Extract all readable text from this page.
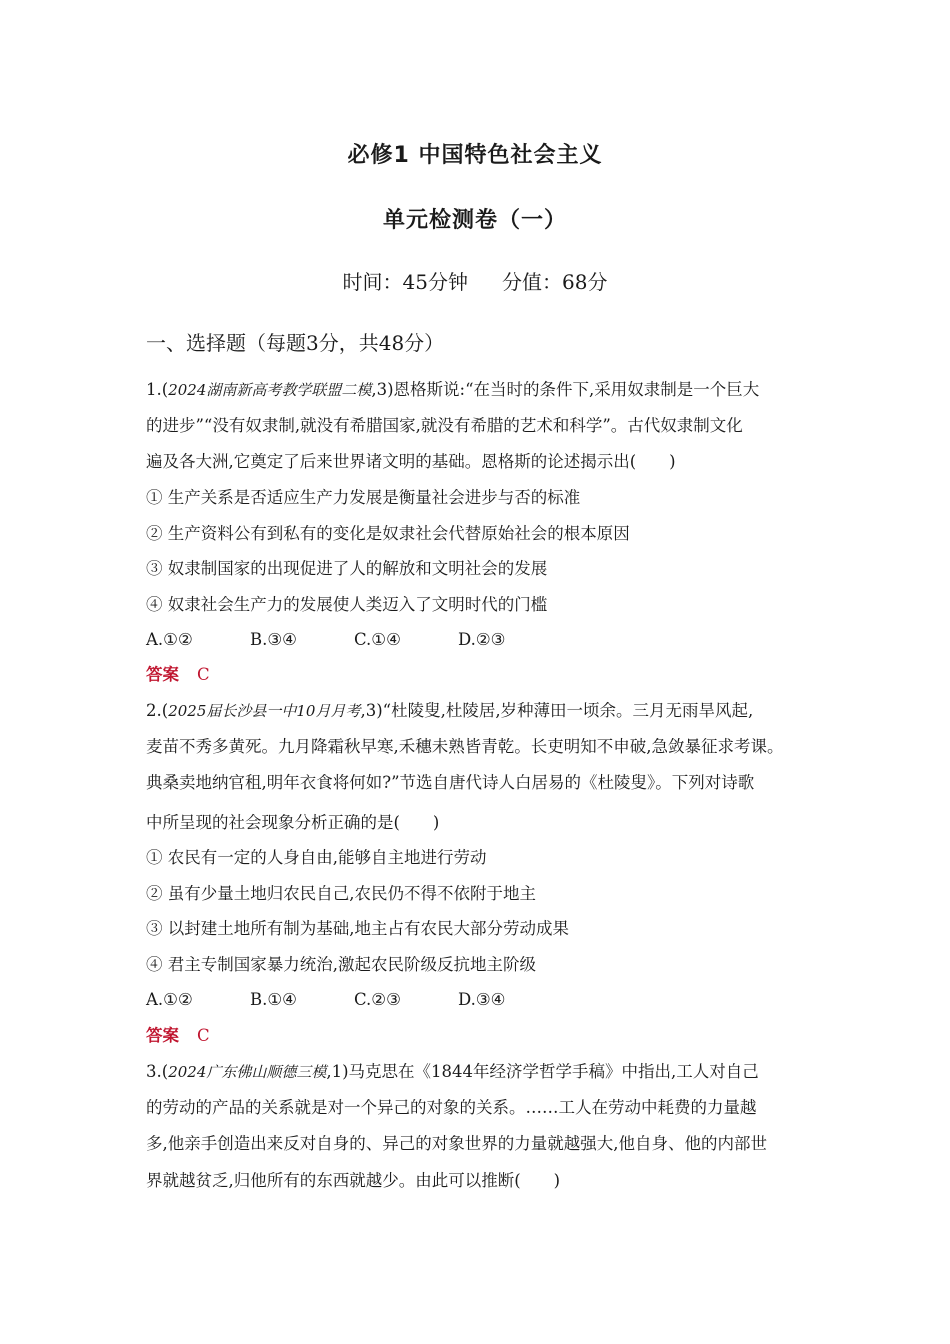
必修1 中国特色社会主义
单元检测卷（一）
时间：45分钟 分值：68分
一、选择题（每题3分，共48分）
1.(2024湖南新高考教学联盟二模,3)恩格斯说:“在当时的条件下,采用奴隶制是一个巨大
的进步”“没有奴隶制,就没有希腊国家,就没有希腊的艺术和科学”。古代奴隶制文化
遍及各大洲,它奠定了后来世界诸文明的基础。恩格斯的论述揭示出(　　)
① 生产关系是否适应生产力发展是衡量社会进步与否的标准
② 生产资料公有到私有的变化是奴隶社会代替原始社会的根本原因
③ 奴隶制国家的出现促进了人的解放和文明社会的发展
④ 奴隶社会生产力的发展使人类迈入了文明时代的门槛
A.①②	B.③④	C.①④	D.②③
答案 C
2.(2025届长沙县一中10月月考,3)“杜陵叟,杜陵居,岁种薄田一顷余。三月无雨旱风起,
麦苗不秀多黄死。九月降霜秋早寒,禾穗未熟皆青乾。长吏明知不申破,急敛暴征求考课。
典桑卖地纳官租,明年衣食将何如?”节选自唐代诗人白居易的《杜陵叟》。下列对诗歌
中所呈现的社会现象分析正确的是(　　)
① 农民有一定的人身自由,能够自主地进行劳动
② 虽有少量土地归农民自己,农民仍不得不依附于地主
③ 以封建土地所有制为基础,地主占有农民大部分劳动成果
④ 君主专制国家暴力统治,激起农民阶级反抗地主阶级
A.①②	B.①④	C.②③	D.③④
答案 C
3.(2024广东佛山顺德三模,1)马克思在《1844年经济学哲学手稿》中指出,工人对自己
的劳动的产品的关系就是对一个异己的对象的关系。……工人在劳动中耗费的力量越
多,他亲手创造出来反对自身的、异己的对象世界的力量就越强大,他自身、他的内部世
界就越贫乏,归他所有的东西就越少。由此可以推断(　　)
